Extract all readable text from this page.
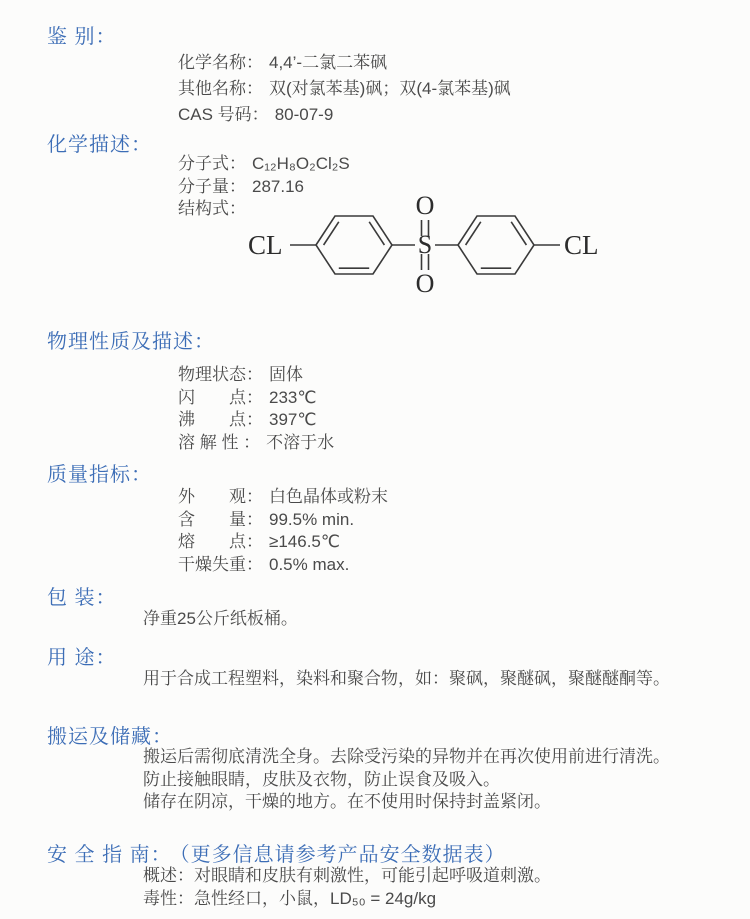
鉴 别：
化学名称： 4,4’-二氯二苯砜
其他名称： 双(对氯苯基)砜；双(4-氯苯基)砜
CAS 号码： 80-07-9
化学描述：
分子式： C₁₂H₈O₂Cl₂S
分子量： 287.16
结构式：
CL
O
S
O
CL
物理性质及描述：
物理状态： 固体
闪　　点： 233℃
沸　　点： 397℃
溶 解 性 ： 不溶于水
质量指标：
外　　观： 白色晶体或粉末
含　　量： 99.5% min.
熔　　点： ≥146.5℃
干燥失重： 0.5% max.
包 装：
净重25公斤纸板桶。
用 途：
用于合成工程塑料，染料和聚合物，如：聚砜，聚醚砜，聚醚醚酮等。
搬运及储藏：
搬运后需彻底清洗全身。去除受污染的异物并在再次使用前进行清洗。
防止接触眼睛，皮肤及衣物，防止误食及吸入。
储存在阴凉，干燥的地方。在不使用时保持封盖紧闭。
安 全 指 南： （更多信息请参考产品安全数据表）
概述：对眼睛和皮肤有刺激性，可能引起呼吸道刺激。
毒性：急性经口，小鼠，LD₅₀ = 24g/kg
